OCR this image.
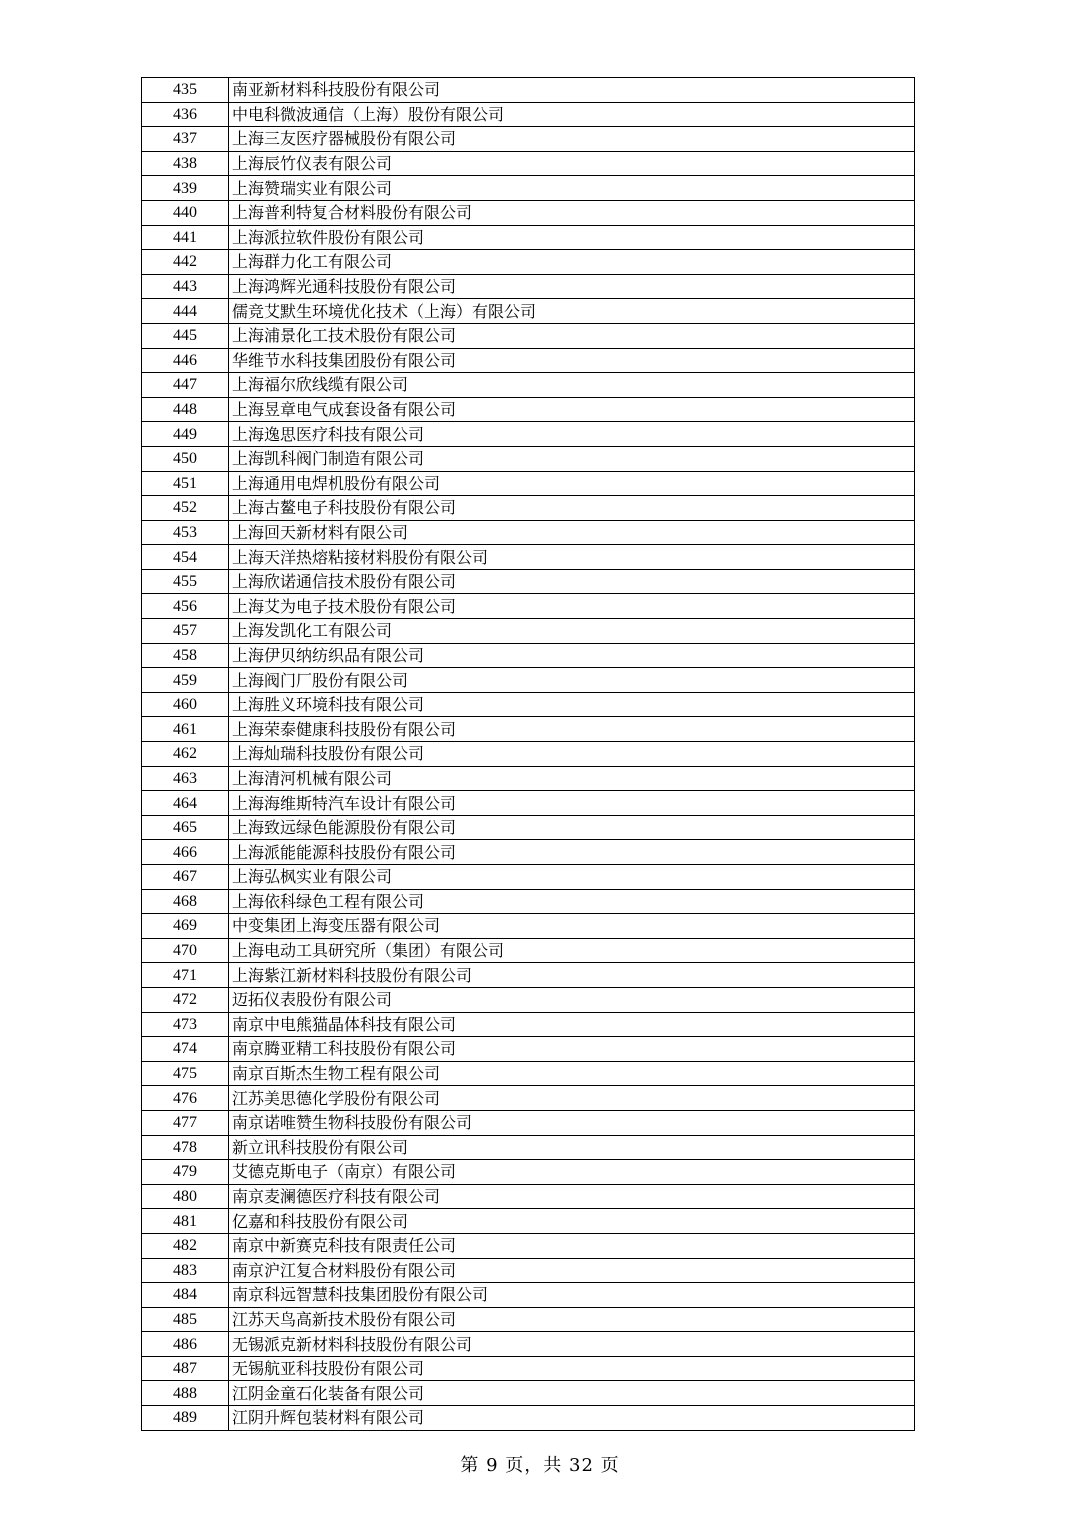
435	南亚新材料科技股份有限公司
436	中电科微波通信（上海）股份有限公司
437	上海三友医疗器械股份有限公司
438	上海辰竹仪表有限公司
439	上海赞瑞实业有限公司
440	上海普利特复合材料股份有限公司
441	上海派拉软件股份有限公司
442	上海群力化工有限公司
443	上海鸿辉光通科技股份有限公司
444	儒竞艾默生环境优化技术（上海）有限公司
445	上海浦景化工技术股份有限公司
446	华维节水科技集团股份有限公司
447	上海福尔欣线缆有限公司
448	上海昱章电气成套设备有限公司
449	上海逸思医疗科技有限公司
450	上海凯科阀门制造有限公司
451	上海通用电焊机股份有限公司
452	上海古鳌电子科技股份有限公司
453	上海回天新材料有限公司
454	上海天洋热熔粘接材料股份有限公司
455	上海欣诺通信技术股份有限公司
456	上海艾为电子技术股份有限公司
457	上海发凯化工有限公司
458	上海伊贝纳纺织品有限公司
459	上海阀门厂股份有限公司
460	上海胜义环境科技有限公司
461	上海荣泰健康科技股份有限公司
462	上海灿瑞科技股份有限公司
463	上海清河机械有限公司
464	上海海维斯特汽车设计有限公司
465	上海致远绿色能源股份有限公司
466	上海派能能源科技股份有限公司
467	上海弘枫实业有限公司
468	上海依科绿色工程有限公司
469	中变集团上海变压器有限公司
470	上海电动工具研究所（集团）有限公司
471	上海紫江新材料科技股份有限公司
472	迈拓仪表股份有限公司
473	南京中电熊猫晶体科技有限公司
474	南京腾亚精工科技股份有限公司
475	南京百斯杰生物工程有限公司
476	江苏美思德化学股份有限公司
477	南京诺唯赞生物科技股份有限公司
478	新立讯科技股份有限公司
479	艾德克斯电子（南京）有限公司
480	南京麦澜德医疗科技有限公司
481	亿嘉和科技股份有限公司
482	南京中新赛克科技有限责任公司
483	南京沪江复合材料股份有限公司
484	南京科远智慧科技集团股份有限公司
485	江苏天鸟高新技术股份有限公司
486	无锡派克新材料科技股份有限公司
487	无锡航亚科技股份有限公司
488	江阴金童石化装备有限公司
489	江阴升辉包装材料有限公司
第 9 页，共 32 页
